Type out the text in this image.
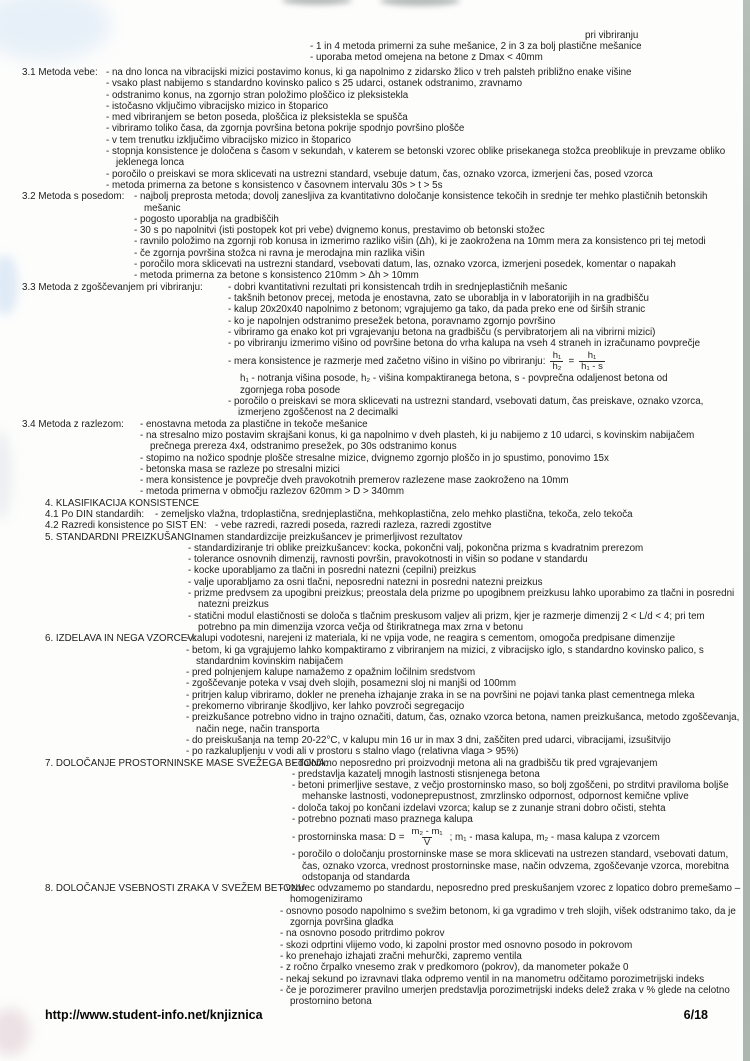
pri vibriranju
- 1 in 4 metoda primerni za suhe mešanice, 2 in 3 za bolj plastične mešanice
- uporaba metod omejena na betone z Dmax < 40mm
3.1 Metoda vebe: - na dno lonca na vibracijski mizici postavimo konus, ki ga napolnimo z zidarsko žlico v treh palsteh približno enake višine
- vsako plast nabijemo s standardno kovinsko palico s 25 udarci, ostanek odstranimo, zravnamo
- odstranimo konus, na zgornjo stran položimo ploščico iz pleksistekla
- istočasno vključimo vibracijsko mizico in štoparico
- med vibriranjem se beton poseda, ploščica iz pleksistekla se spušča
- vibriramo toliko časa, da zgornja površina betona pokrije spodnjo površino plošče
- v tem trenutku izključimo vibracijsko mizico in štoparico
- stopnja konsistence je določena s časom v sekundah, v katerem se betonski vzorec oblike prisekanega stožca preoblikuje in prevzame obliko jeklenega lonca
- poročilo o preiskavi se mora sklicevati na ustrezni standard, vsebuje datum, čas, oznako vzorca, izmerjeni čas, posed vzorca
- metoda primerna za betone s konsistenco v časovnem intervalu 30s > t > 5s
3.2 Metoda s posedom: - najbolj preprosta metoda; dovolj zanesljiva za kvantitativno določanje konsistence tekočih in srednje ter mehko plastičnih betonskih mešanic
- pogosto uporablja na gradbiščih
- 30 s po napolnitvi (isti postopek kot pri vebe) dvignemo konus, prestavimo ob betonski stožec
- ravnilo položimo na zgornji rob konusa in izmerimo razliko višin (Δh), ki je zaokrožena na 10mm mera za konsistenco pri tej metodi
- če zgornja površina stožca ni ravna je merodajna min razlika višin
- poročilo mora sklicevati na ustrezni standard, vsebovati datum, las, oznako vzorca, izmerjeni posedek, komentar o napakah
- metoda primerna za betone s konsistenco 210mm > Δh > 10mm
3.3 Metoda z zgoščevanjem pri vibriranju:	- dobri kvantitativni rezultati pri konsistencah trdih in srednjeplastičnih mešanic
- takšnih betonov precej, metoda je enostavna, zato se uborablja in v laboratorijih in na gradbišču
- kalup 20x20x40 napolnimo z betonom; vgrajujemo ga tako, da pada preko ene od širših stranic
- ko je napolnjen odstranimo presežek betona, poravnamo zgornjo površino
- vibriramo ga enako kot pri vgrajevanju betona na gradbišču (s pervibratorjem ali na vibrirni mizici)
- po vibriranju izmerimo višino od površine betona do vrha kalupa na vseh 4 straneh in izračunamo povprečje
- mera konsistence je razmerje med začetno višino in višino po vibriranju: $\frac{\text{h₁}}{\text{h₂}} = \frac{\text{h₁}}{\text{h₁ - s}}$
h₁ - notranja višina posode, h₂ - višina kompaktiranega betona, s - povprečna odaljenost betona od zgornjega roba posode
- poročilo o preiskavi se mora sklicevati na ustrezni standard, vsebovati datum, čas preiskave, oznako vzorca, izmerjeno zgoščenost na 2 decimalki
3.4 Metoda z razlezom: - enostavna metoda za plastične in tekoče mešanice
- na stresalno mizo postavim skrajšani konus, ki ga napolnimo v dveh plasteh, ki ju nabijemo z 10 udarci, s kovinskim nabijačem prečnega prereza 4x4, odstranimo presežek, po 30s odstranimo konus
- stopimo na nožico spodnje plošče stresalne mizice, dvignemo zgornjo ploščo in jo spustimo, ponovimo 15x
- betonska masa se razleze po stresalni mizici
- mera konsistence je povprečje dveh pravokotnih premerov razlezene mase zaokroženo na 10mm
- metoda primerna v območju razlezov 620mm > D > 340mm
4. KLASIFIKACIJA KONSISTENCE
4.1 Po DIN standardih: - zemeljsko vlažna, trdoplastična, srednjeplastična, mehkoplastična, zelo mehko plastična, tekoča, zelo tekoča
4.2 Razredi konsistence po SIST EN: - vebe razredi, razredi poseda, razredi razleza, razredi zgostitve
5. STANDARDNI PREIZKUŠANCI:
- namen standardizcije preizkušancev je primerljivost rezultatov
- standardiziranje tri oblike preizkušancev: kocka, pokončni valj, pokončna prizma s kvadratnim prerezom
- tolerance osnovnih dimenzij, ravnosti površin, pravokotnosti in višin so podane v standardu
- kocke uporabljamo za tlačni in posredni natezni (cepilni) preizkus
- valje uporabljamo za osni tlačni, neposredni natezni in posredni natezni preizkus
- prizme predvsem za upogibni preizkus; preostala dela prizme po upogibnem preizkusu lahko uporabimo za tlačni in posredni natezni preizkus
- statični modul elastičnosti se določa s tlačnim preskusom valjev ali prizm, kjer je razmerje dimenzij 2 < L/d < 4; pri tem potrebno pa min dimenzija vzorca večja od štirikratnega max zrna v betonu
6. IZDELAVA IN NEGA VZORCEV:
- kalupi vodotesni, narejeni iz materiala, ki ne vpija vode, ne reagira s cementom, omogoča predpisane dimenzije
- betom, ki ga vgrajujemo lahko kompaktiramo z vibriranjem na mizici, z vibracijsko iglo, s standardno kovinsko palico, s standardnim kovinskim nabijačem
- pred polnjenjem kalupe namažemo z opažnim ločilnim sredstvom
- zgoščevanje poteka v vsaj dveh slojih, posamezni sloj ni manjši od 100mm
- pritrjen kalup vibriramo, dokler ne preneha izhajanje zraka in se na površini ne pojavi tanka plast cementnega mleka
- prekomerno vibriranje škodljivo, ker lahko povzroči segregacijo
- preizkušance potrebno vidno in trajno označiti, datum, čas, oznako vzorca betona, namen preizkušanca, metodo zgoščevanja, način nege, način transporta
- do preiskušanja na temp 20-22°C, v kalupu min 16 ur in max 3 dni, zaščiten pred udarci, vibracijami, izsušitvijo
- po razkalupljenju v vodi ali v prostoru s stalno vlago (relativna vlaga > 95%)
7. DOLOČANJE PROSTORNINSKE MASE SVEŽEGA BETONA:
- določimo neposredno pri proizvodnji metona ali na gradbišču tik pred vgrajevanjem
- predstavlja kazatelj mnogih lastnosti stisnjenega betona
- betoni primerljive sestave, z večjo prostorninsko maso, so bolj zgoščeni, po strditvi praviloma boljše mehanske lastnosti, vodoneprepustnost, zmrzlinsko odpornost, odpornost kemične vplive
- določa takoj po končani izdelavi vzorca; kalup se z zunanje strani dobro očisti, stehta
- potrebno poznati maso praznega kalupa
- prostorninska masa: $D = \frac{\text{m₂ - m₁}}{V}$ ; m₁ - masa kalupa, m₂ - masa kalupa z vzorcem
- poročilo o določanju prostorninske mase se mora sklicevati na ustrezen standard, vsebovati datum, čas, oznako vzorca, vrednost prostorninske mase, način odvzema, zgoščevanje vzorca, morebitna odstopanja od standarda
8. DOLOČANJE VSEBNOSTI ZRAKA V SVEŽEM BETONU:
- vzorec odvzamemo po standardu, neposredno pred preskušanjem vzorec z lopatico dobro premešamo – homogeniziramo
- osnovno posodo napolnimo s svežim betonom, ki ga vgradimo v treh slojih, višek odstranimo tako, da je zgornja površina gladka
- na osnovno posodo pritrdimo pokrov
- skozi odprtini vlijemo vodo, ki zapolni prostor med osnovno posodo in pokrovom
- ko prenehajo izhajati zračni mehurčki, zapremo ventila
- z ročno črpalko vnesemo zrak v predkomoro (pokrov), da manometer pokaže 0
- nekaj sekund po izravnavi tlaka odpremo ventil in na manometru odčitamo porozimetrijski indeks
- če je porozimerer pravilno umerjen predstavlja porozimetrijski indeks delež zraka v % glede na celotno prostornino betona
http://www.student-info.net/knjiznica	6/18
